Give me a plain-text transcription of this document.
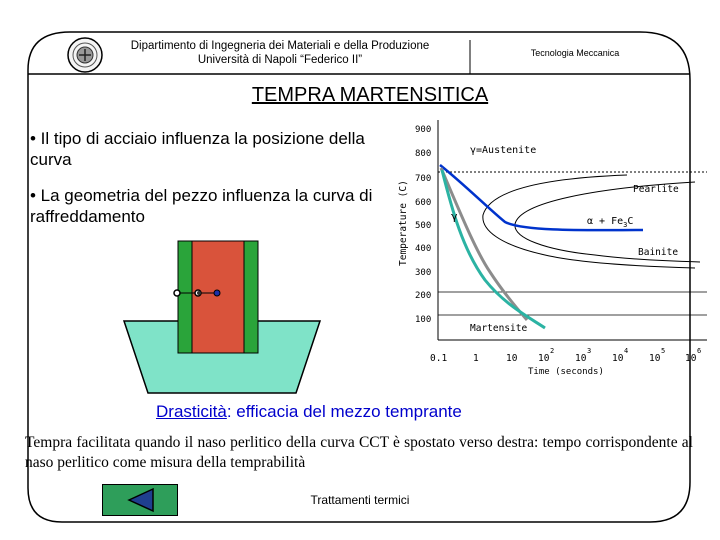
Dipartimento di Ingegneria dei Materiali e della Produzione
Università di Napoli “Federico II”
Tecnologia Meccanica
TEMPRA MARTENSITICA
• Il tipo di acciaio influenza la posizione della curva
• La geometria del pezzo influenza la curva di raffreddamento
900
800
700
600
500
400
300
200
100
Temperature (C)
0.1	1	10 10
2
10
3
10
4
10
5
10
6
Time (seconds)
γ=Austenite
γ
Pearlite
$\alpha + Fe_3C$
Bainite
Martensite
Drasticità: efficacia del mezzo temprante
Tempra facilitata quando il naso perlitico della curva CCT è spostato verso destra: tempo corrispondente al naso perlitico come misura della temprabilità
Trattamenti termici
